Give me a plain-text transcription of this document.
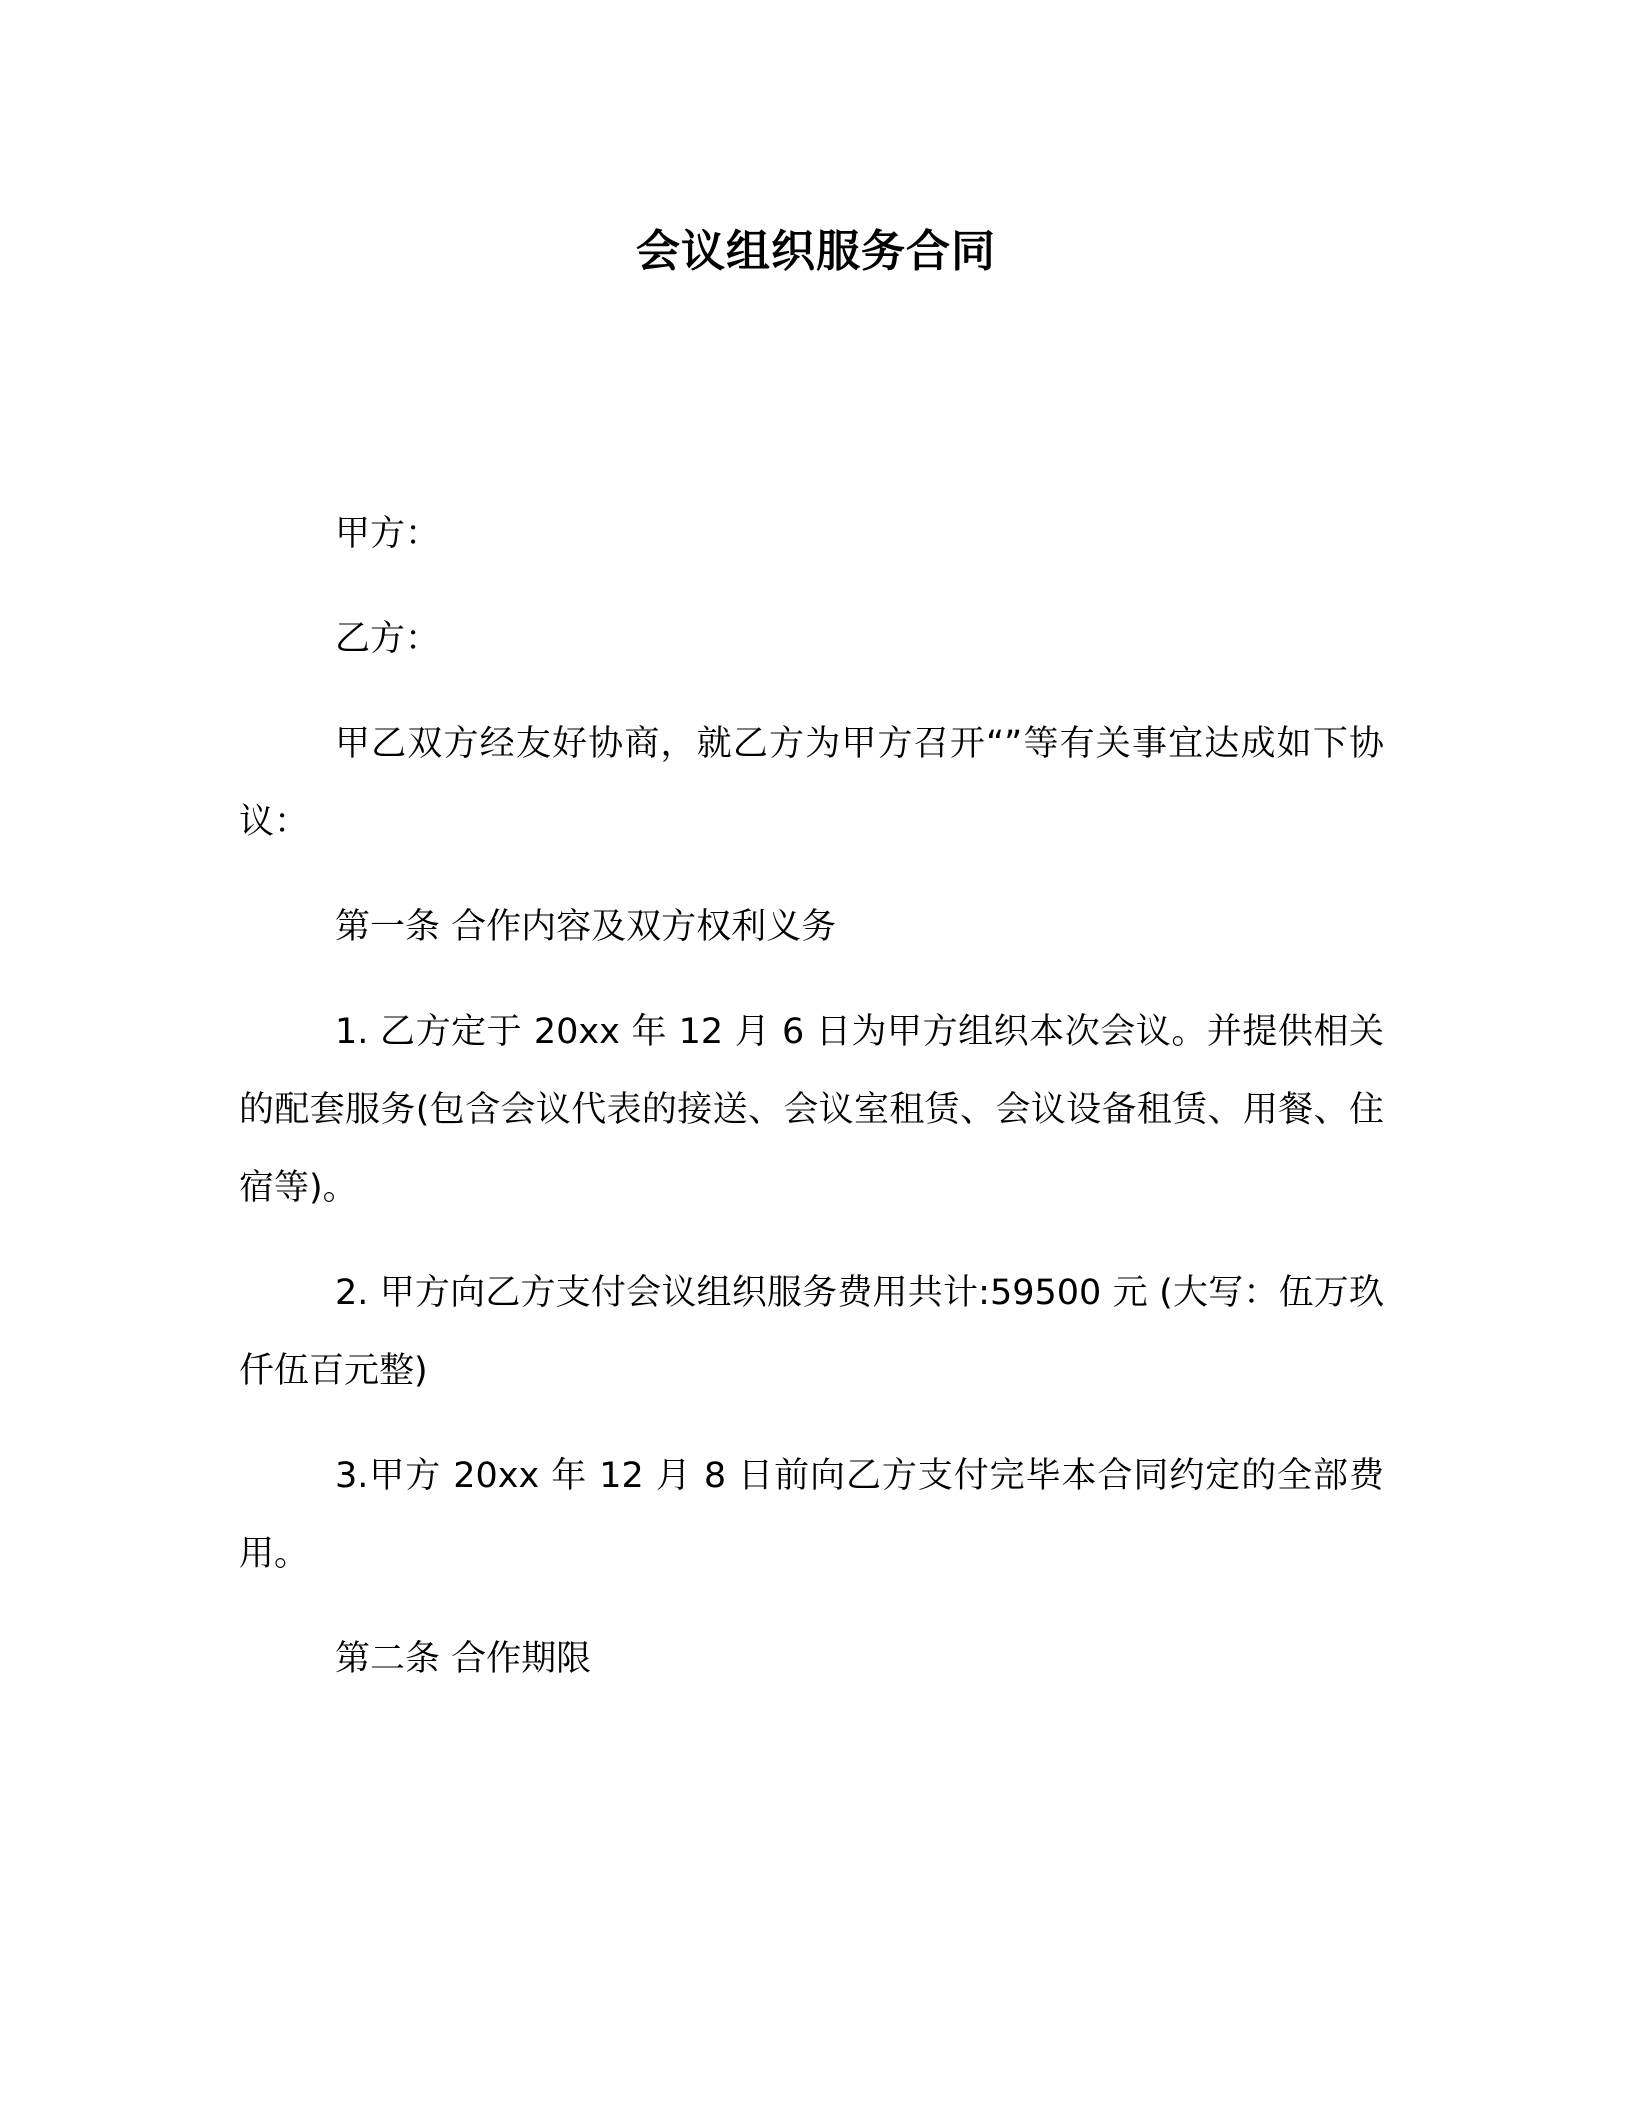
会议组织服务合同

甲方：

乙方：

甲乙双方经友好协商，就乙方为甲方召开“”等有关事宜达成如下协议：

第一条 合作内容及双方权利义务

1. 乙方定于 20xx 年 12 月 6 日为甲方组织本次会议。并提供相关的配套服务(包含会议代表的接送、会议室租赁、会议设备租赁、用餐、住宿等)。

2. 甲方向乙方支付会议组织服务费用共计:59500 元 (大写：伍万玖仟伍百元整)

3.甲方 20xx 年 12 月 8 日前向乙方支付完毕本合同约定的全部费用。

第二条 合作期限
